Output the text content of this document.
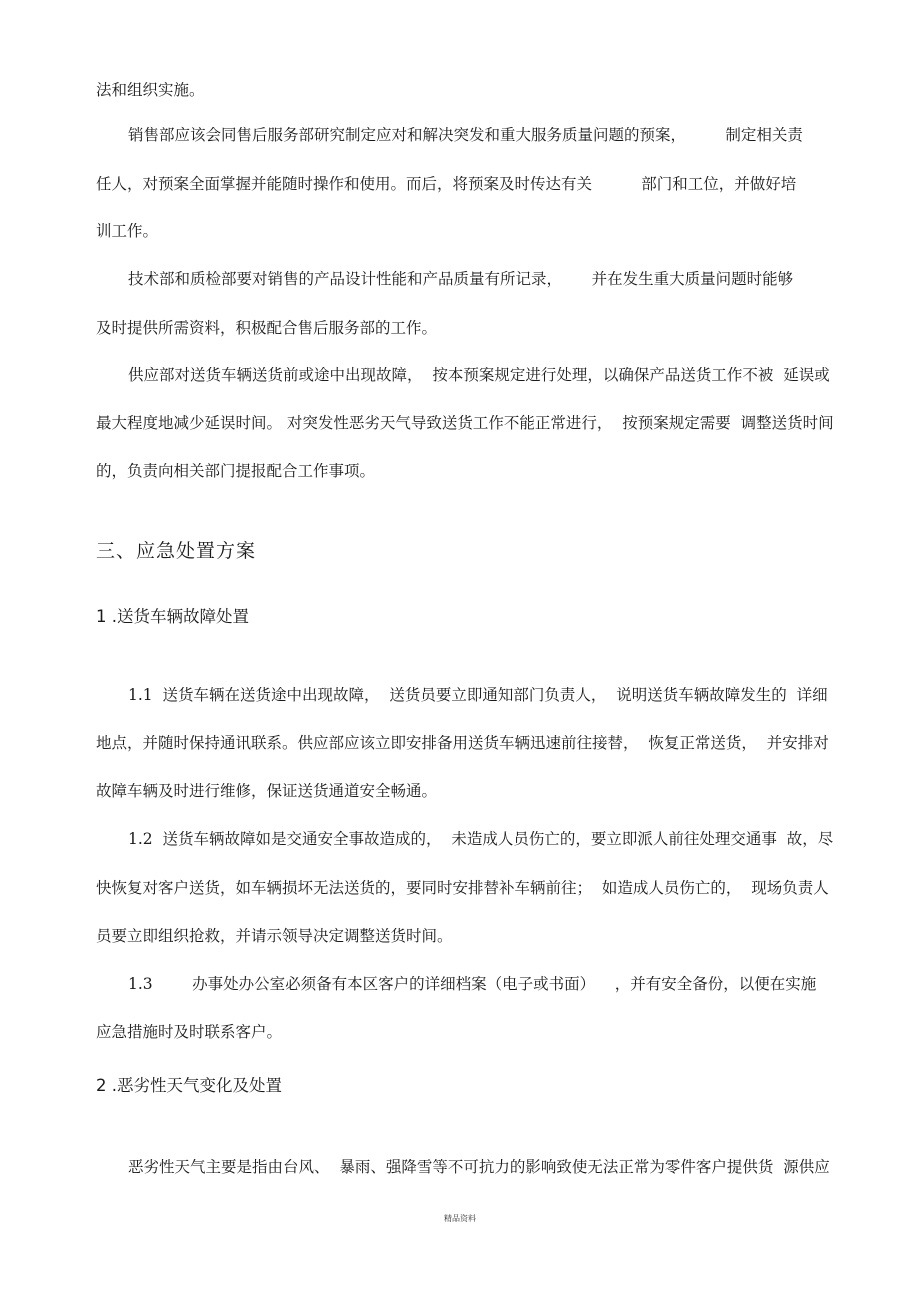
法和组织实施。
销售部应该会同售后服务部研究制定应对和解决突发和重大服务质量问题的预案，        制定相关责
任人，对预案全面掌握并能随时操作和使用。而后，将预案及时传达有关          部门和工位，并做好培
训工作。
技术部和质检部要对销售的产品设计性能和产品质量有所记录，      并在发生重大质量问题时能够
及时提供所需资料，积极配合售后服务部的工作。
供应部对送货车辆送货前或途中出现故障，  按本预案规定进行处理，以确保产品送货工作不被  延误或
最大程度地减少延误时间。 对突发性恶劣天气导致送货工作不能正常进行，  按预案规定需要  调整送货时间
的，负责向相关部门提报配合工作事项。
三、应急处置方案
1 .送货车辆故障处置
1.1  送货车辆在送货途中出现故障，  送货员要立即通知部门负责人，  说明送货车辆故障发生的  详细
地点，并随时保持通讯联系。供应部应该立即安排备用送货车辆迅速前往接替，  恢复正常送货，  并安排对
故障车辆及时进行维修，保证送货通道安全畅通。
1.2  送货车辆故障如是交通安全事故造成的，  未造成人员伤亡的，要立即派人前往处理交通事  故，尽
快恢复对客户送货，如车辆损坏无法送货的，要同时安排替补车辆前往；  如造成人员伤亡的，  现场负责人
员要立即组织抢救，并请示领导决定调整送货时间。
1.3        办事处办公室必须备有本区客户的详细档案（电子或书面）    ，并有安全备份，以便在实施
应急措施时及时联系客户。
2 .恶劣性天气变化及处置
恶劣性天气主要是指由台风、  暴雨、强降雪等不可抗力的影响致使无法正常为零件客户提供货  源供应
精品资料
